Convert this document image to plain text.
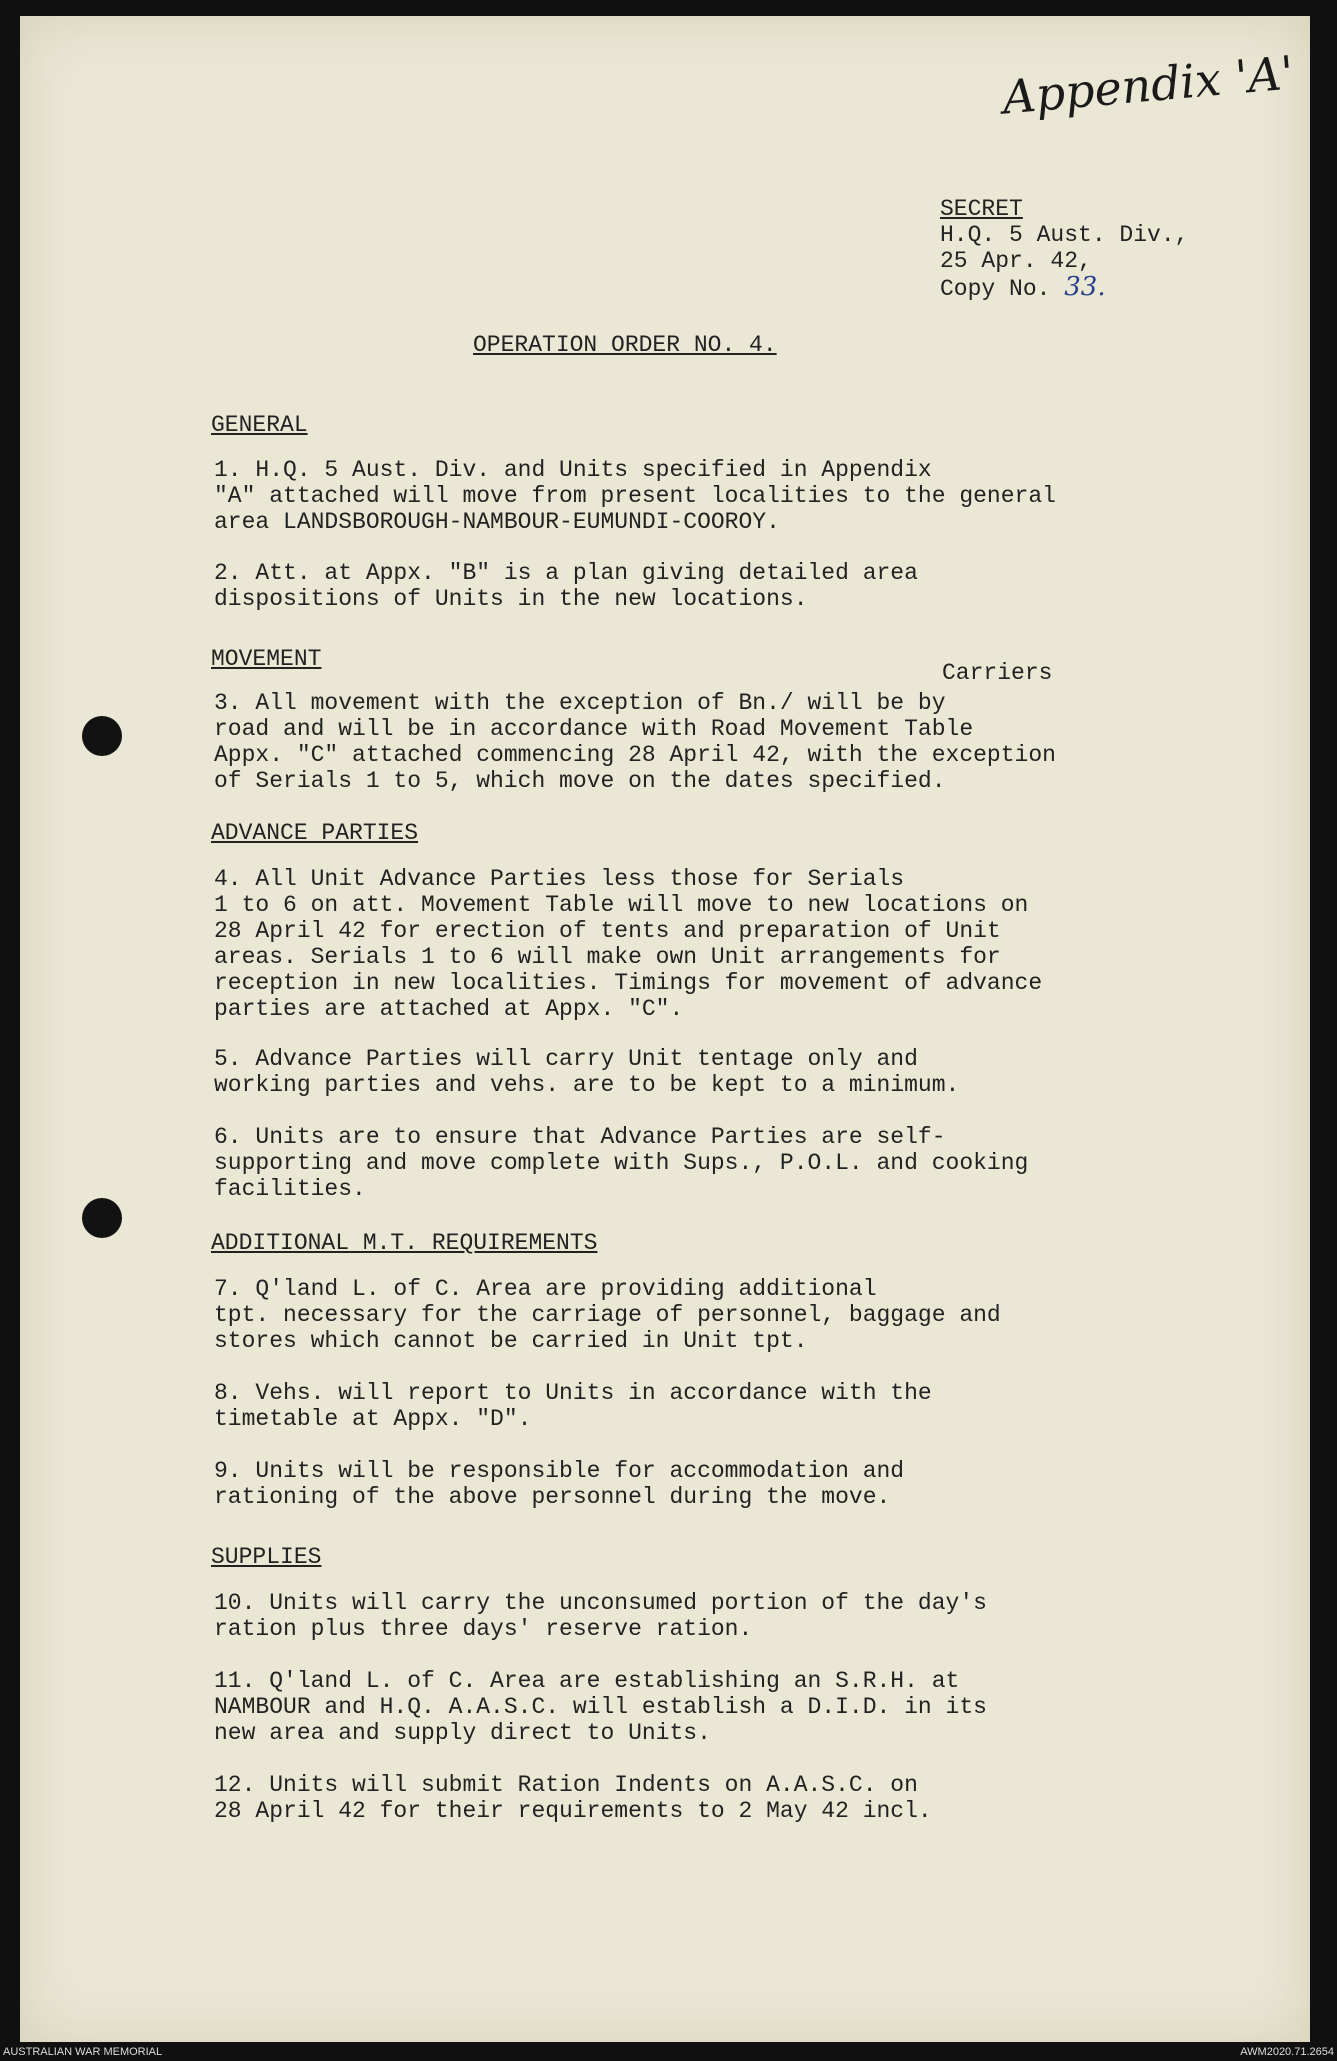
Appendix 'A'
SECRET
H.Q. 5 Aust. Div.,
25 Apr. 42,
Copy No. 33.
OPERATION ORDER NO. 4.
GENERAL
1. H.Q. 5 Aust. Div. and Units specified in Appendix
"A" attached will move from present localities to the general
area LANDSBOROUGH-NAMBOUR-EUMUNDI-COOROY.
2. Att. at Appx. "B" is a plan giving detailed area
dispositions of Units in the new locations.
MOVEMENT
Carriers
3. All movement with the exception of Bn./ will be by
road and will be in accordance with Road Movement Table
Appx. "C" attached commencing 28 April 42, with the exception
of Serials 1 to 5, which move on the dates specified.
ADVANCE PARTIES
4. All Unit Advance Parties less those for Serials
1 to 6 on att. Movement Table will move to new locations on
28 April 42 for erection of tents and preparation of Unit
areas. Serials 1 to 6 will make own Unit arrangements for
reception in new localities. Timings for movement of advance
parties are attached at Appx. "C".
5. Advance Parties will carry Unit tentage only and
working parties and vehs. are to be kept to a minimum.
6. Units are to ensure that Advance Parties are self-
supporting and move complete with Sups., P.O.L. and cooking
facilities.
ADDITIONAL M.T. REQUIREMENTS
7. Q'land L. of C. Area are providing additional
tpt. necessary for the carriage of personnel, baggage and
stores which cannot be carried in Unit tpt.
8. Vehs. will report to Units in accordance with the
timetable at Appx. "D".
9. Units will be responsible for accommodation and
rationing of the above personnel during the move.
SUPPLIES
10. Units will carry the unconsumed portion of the day's
ration plus three days' reserve ration.
11. Q'land L. of C. Area are establishing an S.R.H. at
NAMBOUR and H.Q. A.A.S.C. will establish a D.I.D. in its
new area and supply direct to Units.
12. Units will submit Ration Indents on A.A.S.C. on
28 April 42 for their requirements to 2 May 42 incl.
AUSTRALIAN WAR MEMORIAL	AWM2020.71.2654
